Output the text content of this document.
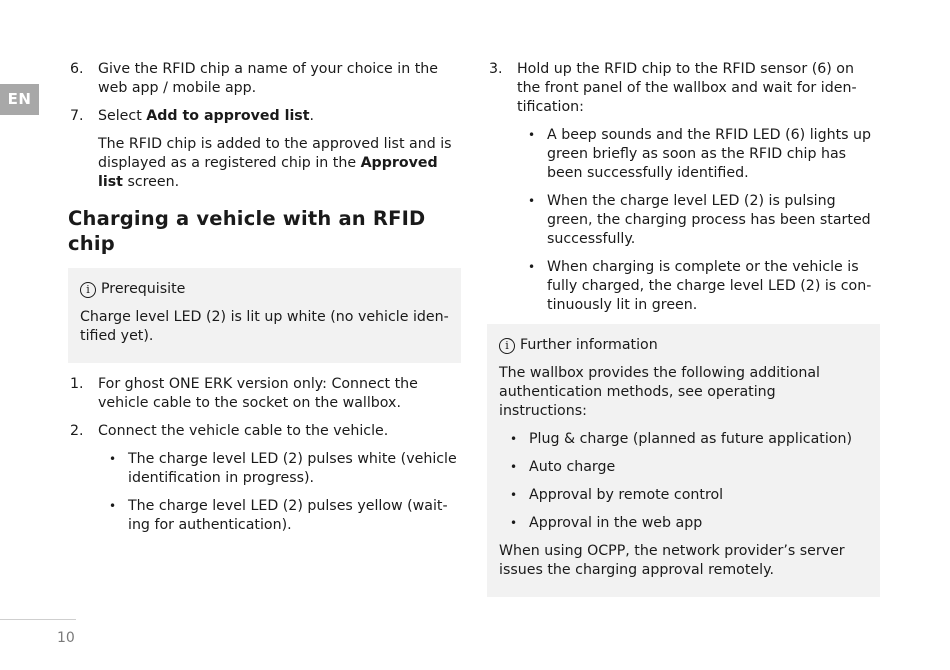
EN
6. Give the RFID chip a name of your choice in the web app / mobile app.
7. Select Add to approved list.
The RFID chip is added to the approved list and is displayed as a registered chip in the Approved list screen.
Charging a vehicle with an RFID chip
i Prerequisite

Charge level LED (2) is lit up white (no vehicle identified yet).

1. For ghost ONE ERK version only: Connect the vehicle cable to the socket on the wallbox.
2. Connect the vehicle cable to the vehicle.
• The charge level LED (2) pulses white (vehicle identification in progress).
• The charge level LED (2) pulses yellow (waiting for authentication).
3. Hold up the RFID chip to the RFID sensor (6) on the front panel of the wallbox and wait for identification:
• A beep sounds and the RFID LED (6) lights up green briefly as soon as the RFID chip has been successfully identified.
• When the charge level LED (2) is pulsing green, the charging process has been started successfully.
• When charging is complete or the vehicle is fully charged, the charge level LED (2) is continuously lit in green.
i Further information

The wallbox provides the following additional authentication methods, see operating instructions:

• Plug & charge (planned as future application)
• Auto charge
• Approval by remote control
• Approval in the web app

When using OCPP, the network provider’s server issues the charging approval remotely.

10
